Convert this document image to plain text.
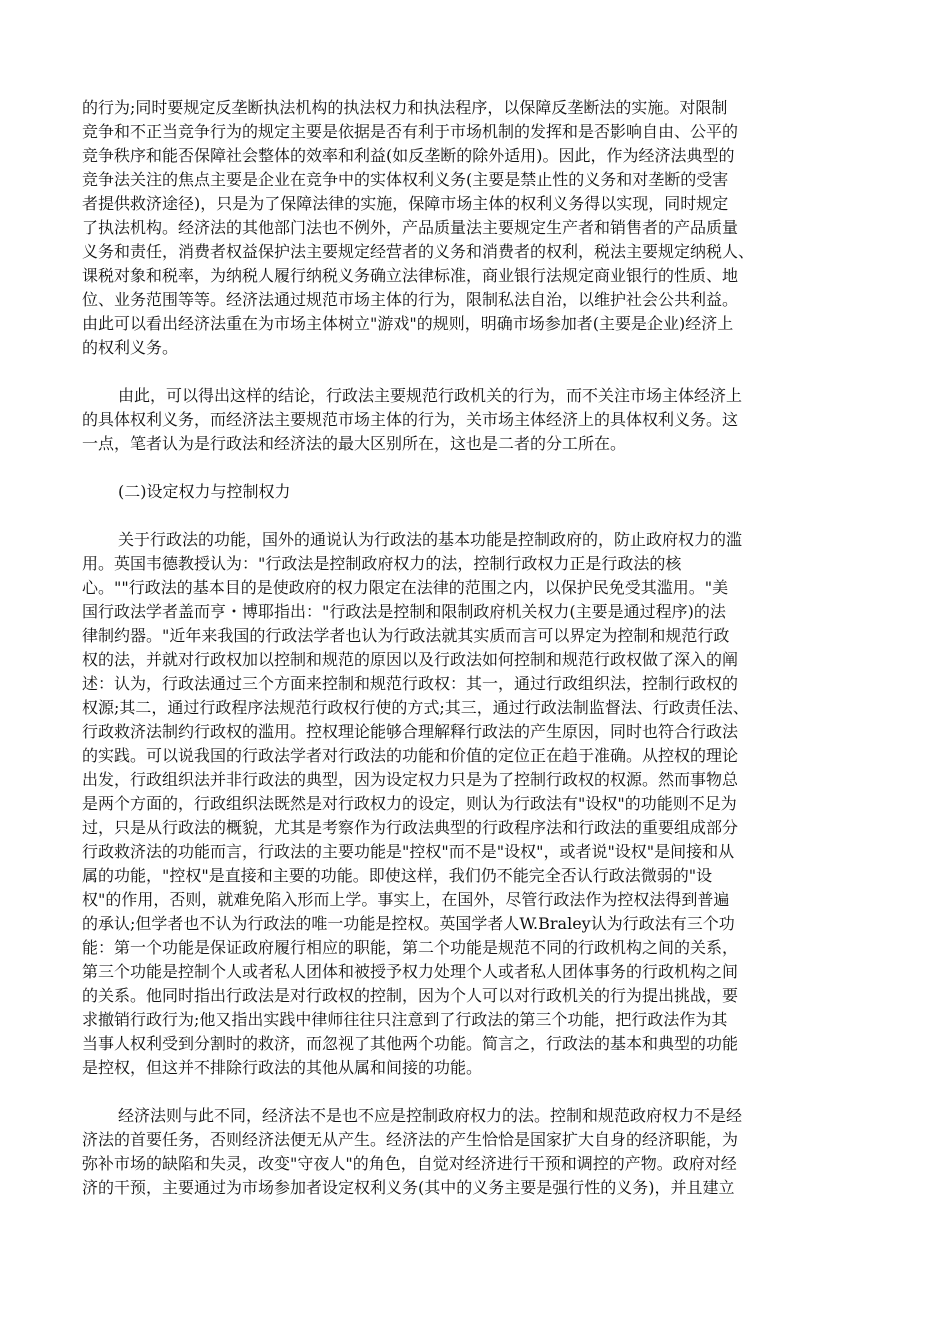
的行为;同时要规定反垄断执法机构的执法权力和执法程序，以保障反垄断法的实施。对限制
竞争和不正当竞争行为的规定主要是依据是否有利于市场机制的发挥和是否影响自由、公平的
竞争秩序和能否保障社会整体的效率和利益(如反垄断的除外适用)。因此，作为经济法典型的
竞争法关注的焦点主要是企业在竞争中的实体权利义务(主要是禁止性的义务和对垄断的受害
者提供救济途径)，只是为了保障法律的实施，保障市场主体的权利义务得以实现，同时规定
了执法机构。经济法的其他部门法也不例外，产品质量法主要规定生产者和销售者的产品质量
义务和责任，消费者权益保护法主要规定经营者的义务和消费者的权利，税法主要规定纳税人、
课税对象和税率，为纳税人履行纳税义务确立法律标准，商业银行法规定商业银行的性质、地
位、业务范围等等。经济法通过规范市场主体的行为，限制私法自治，以维护社会公共利益。
由此可以看出经济法重在为市场主体树立"游戏"的规则，明确市场参加者(主要是企业)经济上
的权利义务。
由此，可以得出这样的结论，行政法主要规范行政机关的行为，而不关注市场主体经济上
的具体权利义务，而经济法主要规范市场主体的行为，关市场主体经济上的具体权利义务。这
一点，笔者认为是行政法和经济法的最大区别所在，这也是二者的分工所在。
(二)设定权力与控制权力
关于行政法的功能，国外的通说认为行政法的基本功能是控制政府的，防止政府权力的滥
用。英国韦德教授认为："行政法是控制政府权力的法，控制行政权力正是行政法的核
心。""行政法的基本目的是使政府的权力限定在法律的范围之内，以保护民免受其滥用。"美
国行政法学者盖而亨・博耶指出："行政法是控制和限制政府机关权力(主要是通过程序)的法
律制约器。"近年来我国的行政法学者也认为行政法就其实质而言可以界定为控制和规范行政
权的法，并就对行政权加以控制和规范的原因以及行政法如何控制和规范行政权做了深入的阐
述：认为，行政法通过三个方面来控制和规范行政权：其一，通过行政组织法，控制行政权的
权源;其二，通过行政程序法规范行政权行使的方式;其三，通过行政法制监督法、行政责任法、
行政救济法制约行政权的滥用。控权理论能够合理解释行政法的产生原因，同时也符合行政法
的实践。可以说我国的行政法学者对行政法的功能和价值的定位正在趋于准确。从控权的理论
出发，行政组织法并非行政法的典型，因为设定权力只是为了控制行政权的权源。然而事物总
是两个方面的，行政组织法既然是对行政权力的设定，则认为行政法有"设权"的功能则不足为
过，只是从行政法的概貌，尤其是考察作为行政法典型的行政程序法和行政法的重要组成部分
行政救济法的功能而言，行政法的主要功能是"控权"而不是"设权"，或者说"设权"是间接和从
属的功能，"控权"是直接和主要的功能。即使这样，我们仍不能完全否认行政法微弱的"设
权"的作用，否则，就难免陷入形而上学。事实上，在国外，尽管行政法作为控权法得到普遍
的承认;但学者也不认为行政法的唯一功能是控权。英国学者人W.Braley认为行政法有三个功
能：第一个功能是保证政府履行相应的职能，第二个功能是规范不同的行政机构之间的关系，
第三个功能是控制个人或者私人团体和被授予权力处理个人或者私人团体事务的行政机构之间
的关系。他同时指出行政法是对行政权的控制，因为个人可以对行政机关的行为提出挑战，要
求撤销行政行为;他又指出实践中律师往往只注意到了行政法的第三个功能，把行政法作为其
当事人权利受到分割时的救济，而忽视了其他两个功能。简言之，行政法的基本和典型的功能
是控权，但这并不排除行政法的其他从属和间接的功能。
经济法则与此不同，经济法不是也不应是控制政府权力的法。控制和规范政府权力不是经
济法的首要任务，否则经济法便无从产生。经济法的产生恰恰是国家扩大自身的经济职能，为
弥补市场的缺陷和失灵，改变"守夜人"的角色，自觉对经济进行干预和调控的产物。政府对经
济的干预，主要通过为市场参加者设定权利义务(其中的义务主要是强行性的义务)，并且建立
